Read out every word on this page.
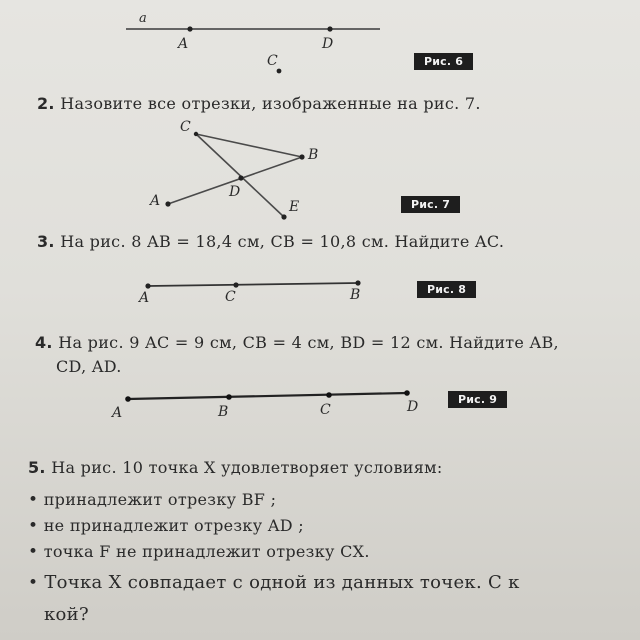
a
A	D
C	Рис. 6
2. Назовите все отрезки, изображенные на рис. 7.
C
B
D
A	E	Рис. 7
3. На рис. 8 AB = 18,4 см, CB = 10,8 см. Найдите AC.
A	C	B	Рис. 8
4. На рис. 9 AC = 9 см, CB = 4 см, BD = 12 см. Найдите AB,
CD, AD.
A	B	C	D	Рис. 9
5. На рис. 10 точка X удовлетворяет условиям:
• принадлежит отрезку BF ;
• не принадлежит отрезку AD ;
• точка F не принадлежит отрезку CX.
• Точка X совпадает с одной из данных точек. С к
кой?
